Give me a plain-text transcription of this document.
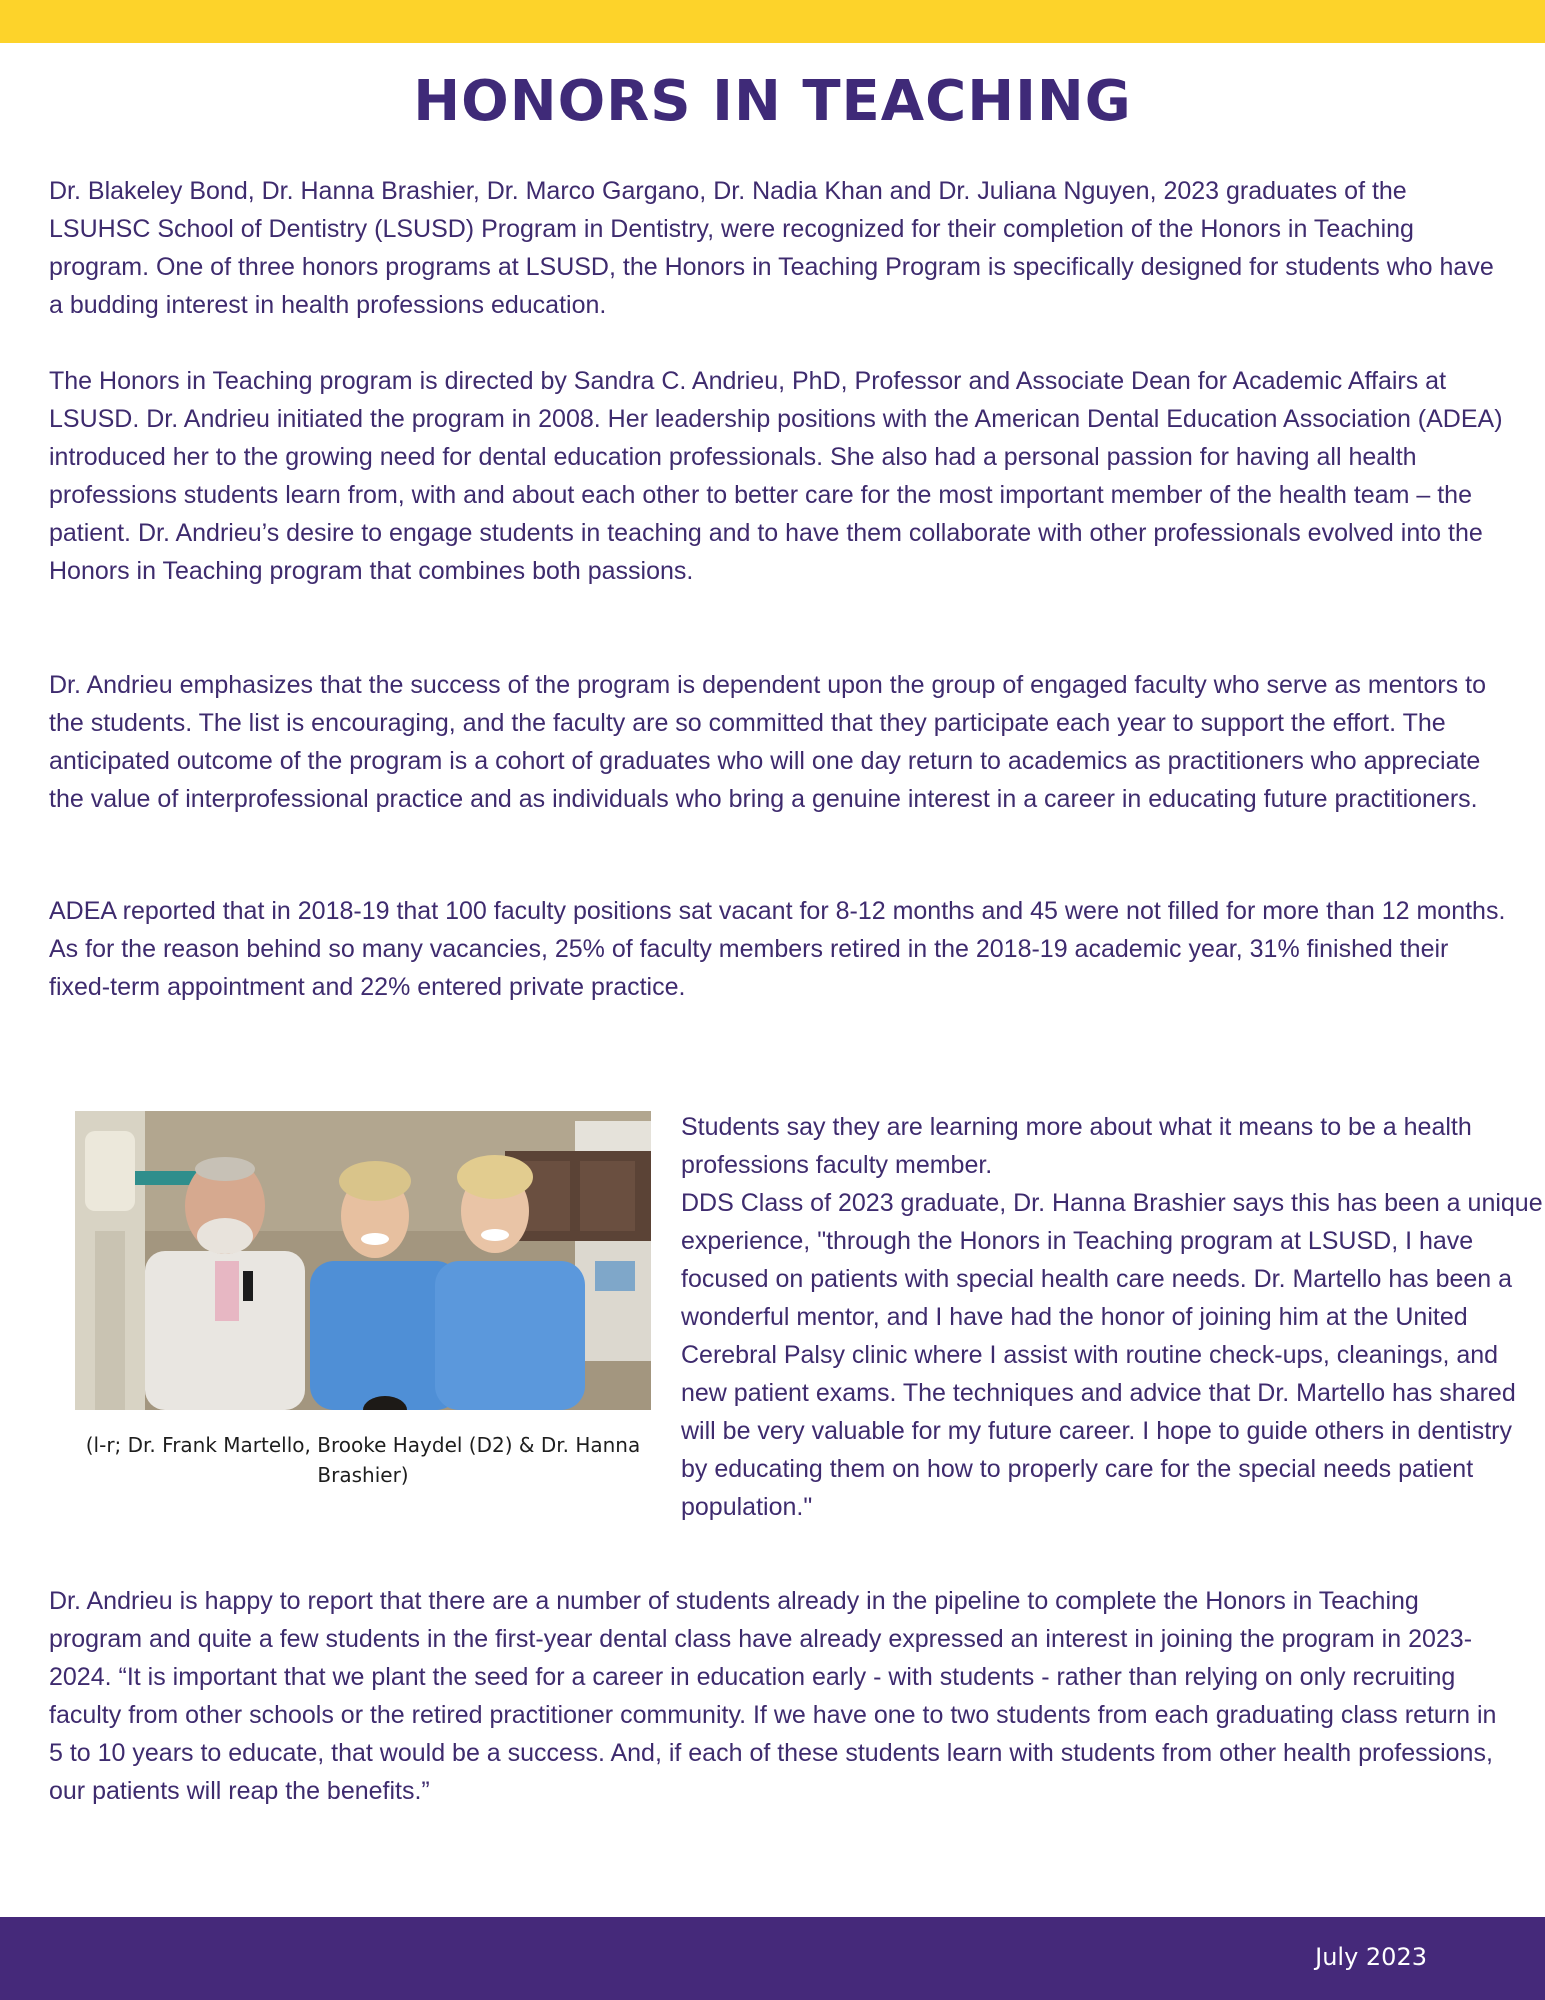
HONORS IN TEACHING

Dr. Blakeley Bond, Dr. Hanna Brashier, Dr. Marco Gargano, Dr. Nadia Khan and Dr. Juliana Nguyen, 2023 graduates of the LSUHSC School of Dentistry (LSUSD) Program in Dentistry, were recognized for their completion of the Honors in Teaching program. One of three honors programs at LSUSD, the Honors in Teaching Program is specifically designed for students who have a budding interest in health professions education.

The Honors in Teaching program is directed by Sandra C. Andrieu, PhD, Professor and Associate Dean for Academic Affairs at LSUSD. Dr. Andrieu initiated the program in 2008. Her leadership positions with the American Dental Education Association (ADEA) introduced her to the growing need for dental education professionals. She also had a personal passion for having all health professions students learn from, with and about each other to better care for the most important member of the health team – the patient. Dr. Andrieu’s desire to engage students in teaching and to have them collaborate with other professionals evolved into the Honors in Teaching program that combines both passions.

Dr. Andrieu emphasizes that the success of the program is dependent upon the group of engaged faculty who serve as mentors to the students. The list is encouraging, and the faculty are so committed that they participate each year to support the effort. The anticipated outcome of the program is a cohort of graduates who will one day return to academics as practitioners who appreciate the value of interprofessional practice and as individuals who bring a genuine interest in a career in educating future practitioners.

ADEA reported that in 2018-19 that 100 faculty positions sat vacant for 8-12 months and 45 were not filled for more than 12 months. As for the reason behind so many vacancies, 25% of faculty members retired in the 2018-19 academic year, 31% finished their fixed-term appointment and 22% entered private practice.

(l-r; Dr. Frank Martello, Brooke Haydel (D2) & Dr. Hanna Brashier)

Students say they are learning more about what it means to be a health professions faculty member.
DDS Class of 2023 graduate, Dr. Hanna Brashier says this has been a unique experience, "through the Honors in Teaching program at LSUSD, I have focused on patients with special health care needs. Dr. Martello has been a wonderful mentor, and I have had the honor of joining him at the United Cerebral Palsy clinic where I assist with routine check-ups, cleanings, and new patient exams. The techniques and advice that Dr. Martello has shared will be very valuable for my future career. I hope to guide others in dentistry by educating them on how to properly care for the special needs patient population."

Dr. Andrieu is happy to report that there are a number of students already in the pipeline to complete the Honors in Teaching program and quite a few students in the first-year dental class have already expressed an interest in joining the program in 2023-2024. “It is important that we plant the seed for a career in education early - with students - rather than relying on only recruiting faculty from other schools or the retired practitioner community. If we have one to two students from each graduating class return in 5 to 10 years to educate, that would be a success. And, if each of these students learn with students from other health professions, our patients will reap the benefits.”

July 2023
